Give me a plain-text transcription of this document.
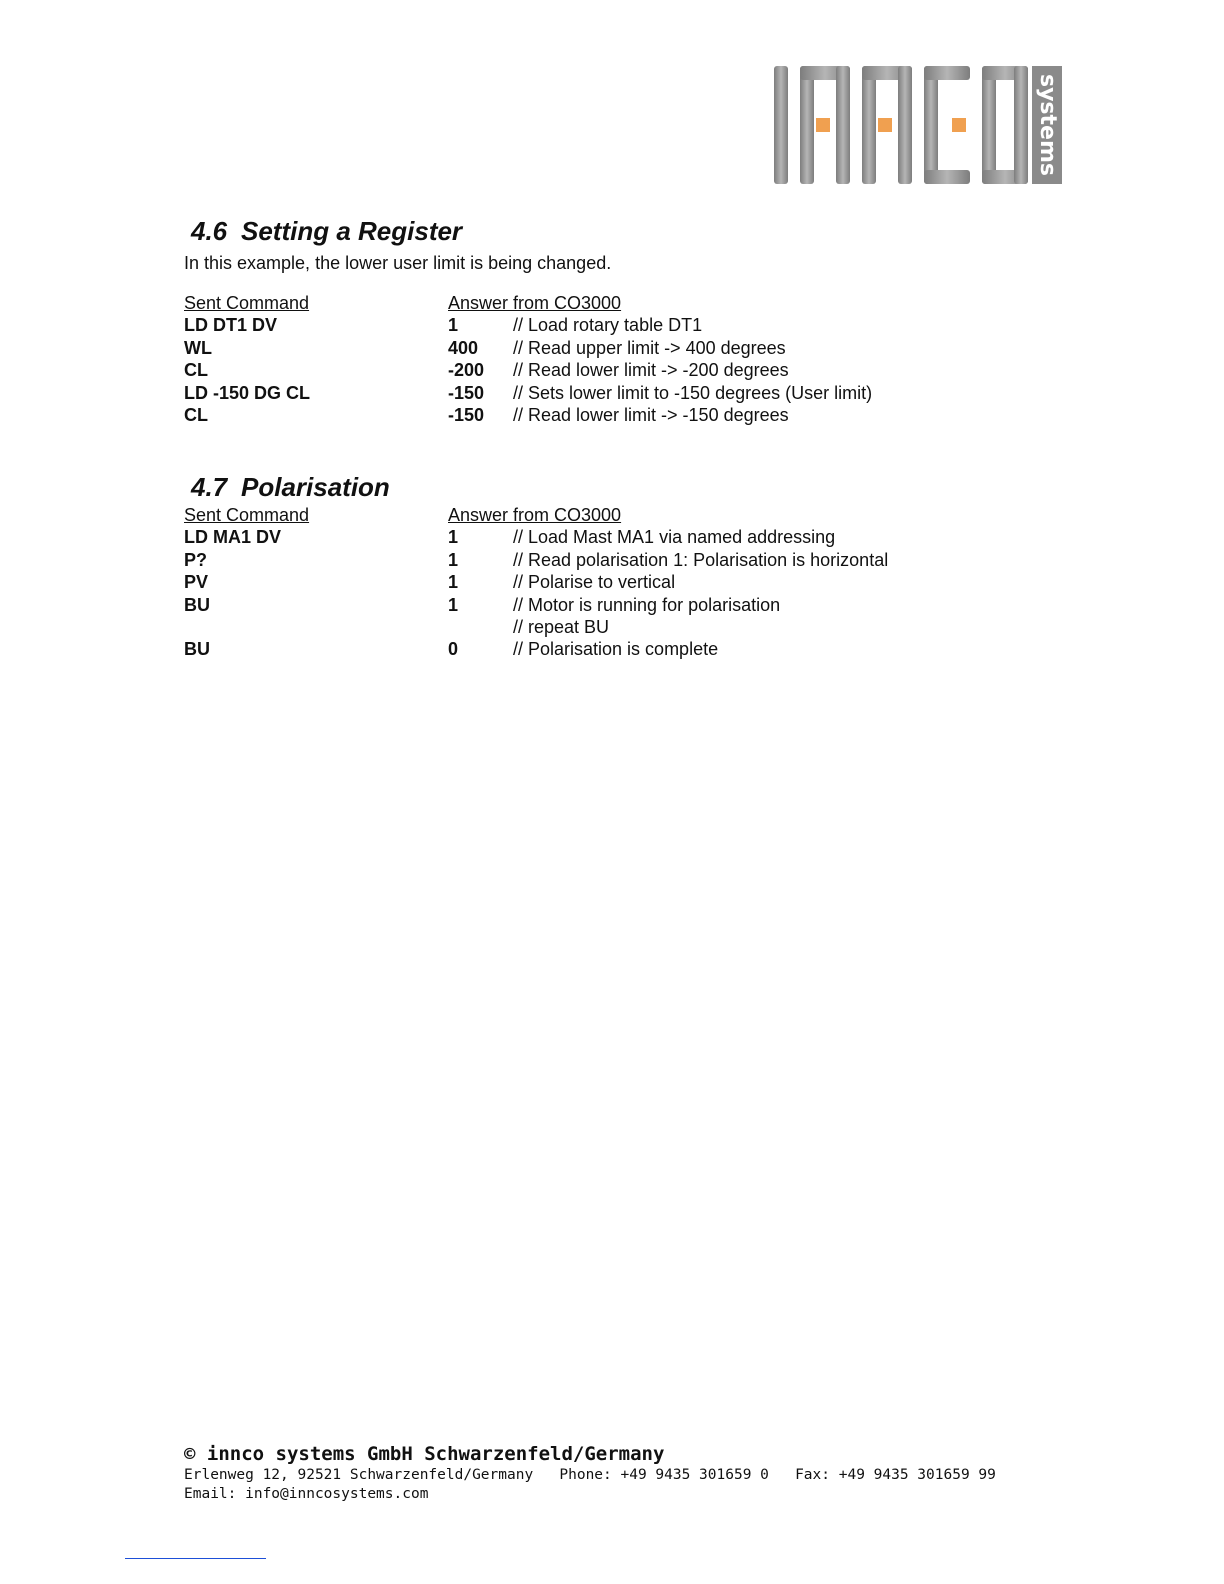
systems
4.6 Setting a Register

In this example, the lower user limit is being changed.

Sent Command	Answer from CO3000
LD DT1 DV	1	// Load rotary table DT1
WL	400	// Read upper limit -> 400 degrees
CL	-200	// Read lower limit -> -200 degrees
LD -150 DG CL	-150	// Sets lower limit to -150 degrees (User limit)
CL	-150	// Read lower limit -> -150 degrees
4.7 Polarisation
Sent Command	Answer from CO3000
LD MA1 DV	1	// Load Mast MA1 via named addressing
P?	1	// Read polarisation 1: Polarisation is horizontal
PV	1	// Polarise to vertical
BU	1	// Motor is running for polarisation
// repeat BU
BU	0	// Polarisation is complete
© innco systems GmbH Schwarzenfeld/Germany
Erlenweg 12, 92521 Schwarzenfeld/Germany   Phone: +49 9435 301659 0   Fax: +49 9435 301659 99
Email: info@inncosystems.com
